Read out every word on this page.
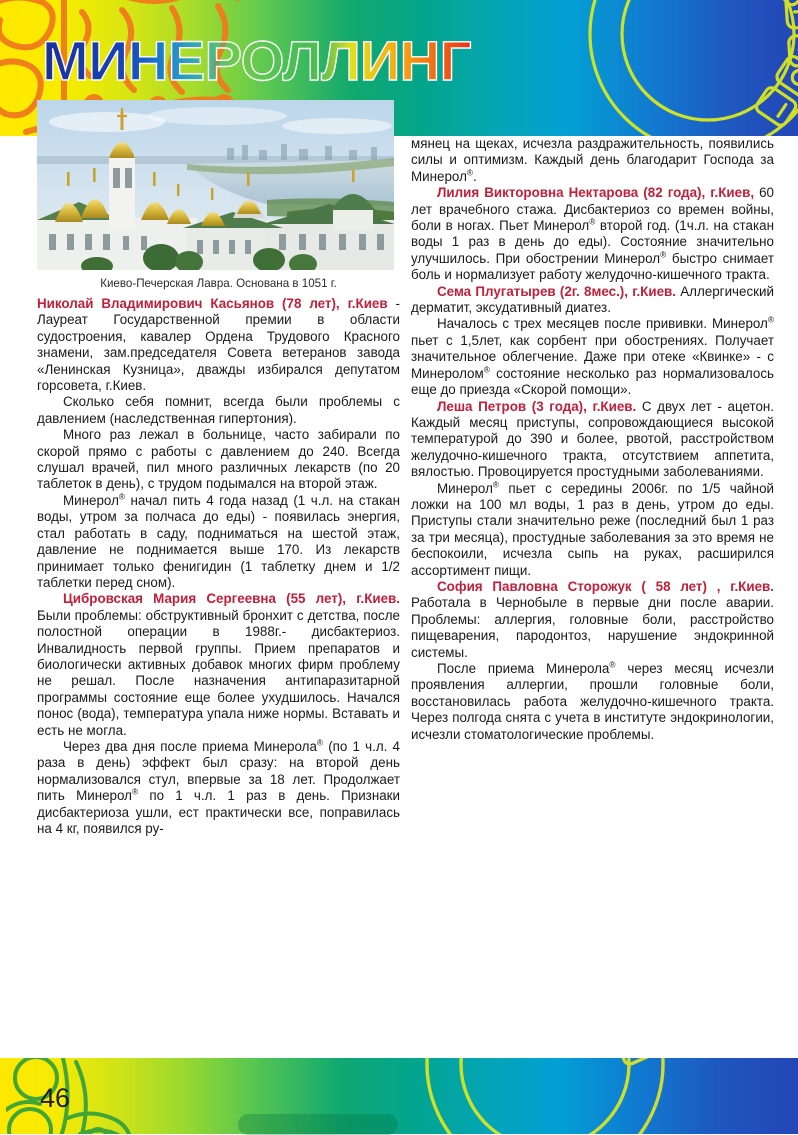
МИНЕРОЛЛИНГ
Киево-Печерская Лавра. Основана в 1051 г.

Николай Владимирович Касьянов (78 лет), г.Киев - Лауреат Государственной премии в области судостроения, кавалер Ордена Трудового Красного знамени, зам.председателя Совета ветеранов завода «Ленинская Кузница», дважды избирался депутатом горсовета, г.Киев.

Сколько себя помнит, всегда были проблемы с давлением (наследственная гипертония).

Много раз лежал в больнице, часто забирали по скорой прямо с работы с давлением до 240. Всегда слушал врачей, пил много различных лекарств (по 20 таблеток в день), с трудом подымался на второй этаж.

Минерол® начал пить 4 года назад (1 ч.л. на стакан воды, утром за полчаса до еды) - появилась энергия, стал работать в саду, подниматься на шестой этаж, давление не поднимается выше 170. Из лекарств принимает только фенигидин (1 таблетку днем и 1/2 таблетки перед сном).

Цибровская Мария Сергеевна (55 лет), г.Киев. Были проблемы: обструктивный бронхит с детства, после полостной операции в 1988г.- дисбактериоз. Инвалидность первой группы. Прием препаратов и биологически активных добавок многих фирм проблему не решал. После назначения антипаразитарной программы состояние еще более ухудшилось. Начался понос (вода), температура упала ниже нормы. Вставать и есть не могла.

Через два дня после приема Минерола® (по 1 ч.л. 4 раза в день) эффект был сразу: на второй день нормализовался стул, впервые за 18 лет. Продолжает пить Минерол® по 1 ч.л. 1 раз в день. Признаки дисбактериоза ушли, ест практически все, поправилась на 4 кг, появился ру-

мянец на щеках, исчезла раздражительность, появились силы и оптимизм. Каждый день благодарит Господа за Минерол®.

Лилия Викторовна Нектарова (82 года), г.Киев, 60 лет врачебного стажа. Дисбактериоз со времен войны, боли в ногах. Пьет Минерол® второй год. (1ч.л. на стакан воды 1 раз в день до еды). Состояние значительно улучшилось. При обострении Минерол® быстро снимает боль и нормализует работу желудочно-кишечного тракта.

Сема Плугатырев (2г. 8мес.), г.Киев. Аллергический дерматит, эксудативный диатез.

Началось с трех месяцев после прививки. Минерол® пьет с 1,5лет, как сорбент при обострениях. Получает значительное облегчение. Даже при отеке «Квинке» - с Минеролом® состояние несколько раз нормализовалось еще до приезда «Скорой помощи».

Леша Петров (3 года), г.Киев. С двух лет - ацетон. Каждый месяц приступы, сопровождающиеся высокой температурой до 390 и более, рвотой, расстройством желудочно-кишечного тракта, отсутствием аппетита, вялостью. Провоцируется простудными заболеваниями.

Минерол® пьет с середины 2006г. по 1/5 чайной ложки на 100 мл воды, 1 раз в день, утром до еды. Приступы стали значительно реже (последний был 1 раз за три месяца), простудные заболевания за это время не беспокоили, исчезла сыпь на руках, расширился ассортимент пищи.

София Павловна Сторожук ( 58 лет) , г.Киев. Работала в Чернобыле в первые дни после аварии. Проблемы: аллергия, головные боли, расстройство пищеварения, пародонтоз, нарушение эндокринной системы.

После приема Минерола® через месяц исчезли проявления аллергии, прошли головные боли, восстановилась работа желудочно-кишечного тракта. Через полгода снята с учета в институте эндокринологии, исчезли стоматологические проблемы.

46
